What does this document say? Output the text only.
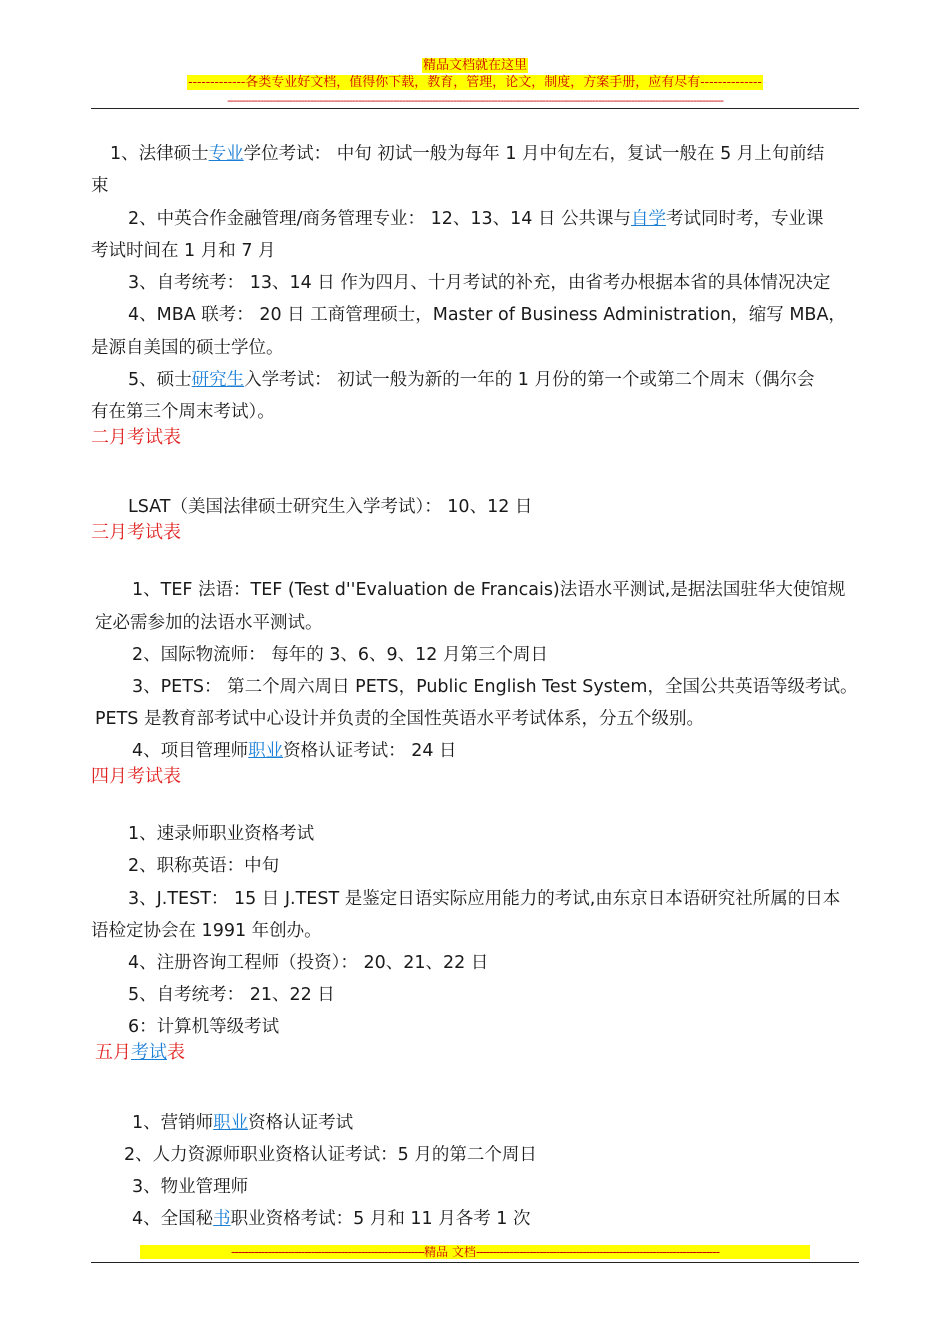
精品文档就在这里
-------------各类专业好文档，值得你下载，教育，管理，论文，制度，方案手册，应有尽有--------------
-----------------------------------------------------------------------------------------------------------------------------------------------------------------------
1、法律硕士专业学位考试： 中旬 初试一般为每年 1 月中旬左右，复试一般在 5 月上旬前结
束
2、中英合作金融管理/商务管理专业： 12、13、14 日 公共课与自学考试同时考，专业课
考试时间在 1 月和 7 月
3、自考统考： 13、14 日 作为四月、十月考试的补充，由省考办根据本省的具体情况决定
4、MBA 联考： 20 日 工商管理硕士，Master of Business Administration，缩写 MBA，
是源自美国的硕士学位。
5、硕士研究生入学考试： 初试一般为新的一年的 1 月份的第一个或第二个周末（偶尔会
有在第三个周末考试）。
二月考试表
LSAT（美国法律硕士研究生入学考试）： 10、12 日
三月考试表
1、TEF 法语：TEF (Test d''Evaluation de Francais)法语水平测试,是据法国驻华大使馆规
定必需参加的法语水平测试。
2、国际物流师： 每年的 3、6、9、12 月第三个周日
3、PETS： 第二个周六周日 PETS，Public English Test System，全国公共英语等级考试。
PETS 是教育部考试中心设计并负责的全国性英语水平考试体系，分五个级别。
4、项目管理师职业资格认证考试： 24 日
四月考试表
1、速录师职业资格考试
2、职称英语：中旬
3、J.TEST： 15 日 J.TEST 是鉴定日语实际应用能力的考试,由东京日本语研究社所属的日本
语检定协会在 1991 年创办。
4、注册咨询工程师（投资）： 20、21、22 日
5、自考统考： 21、22 日
6：计算机等级考试
五月考试表
1、营销师职业资格认证考试
2、人力资源师职业资格认证考试：5 月的第二个周日
3、物业管理师
4、全国秘书职业资格考试：5 月和 11 月各考 1 次
----------------------------------------------------------精品 文档-------------------------------------------------------------------------
